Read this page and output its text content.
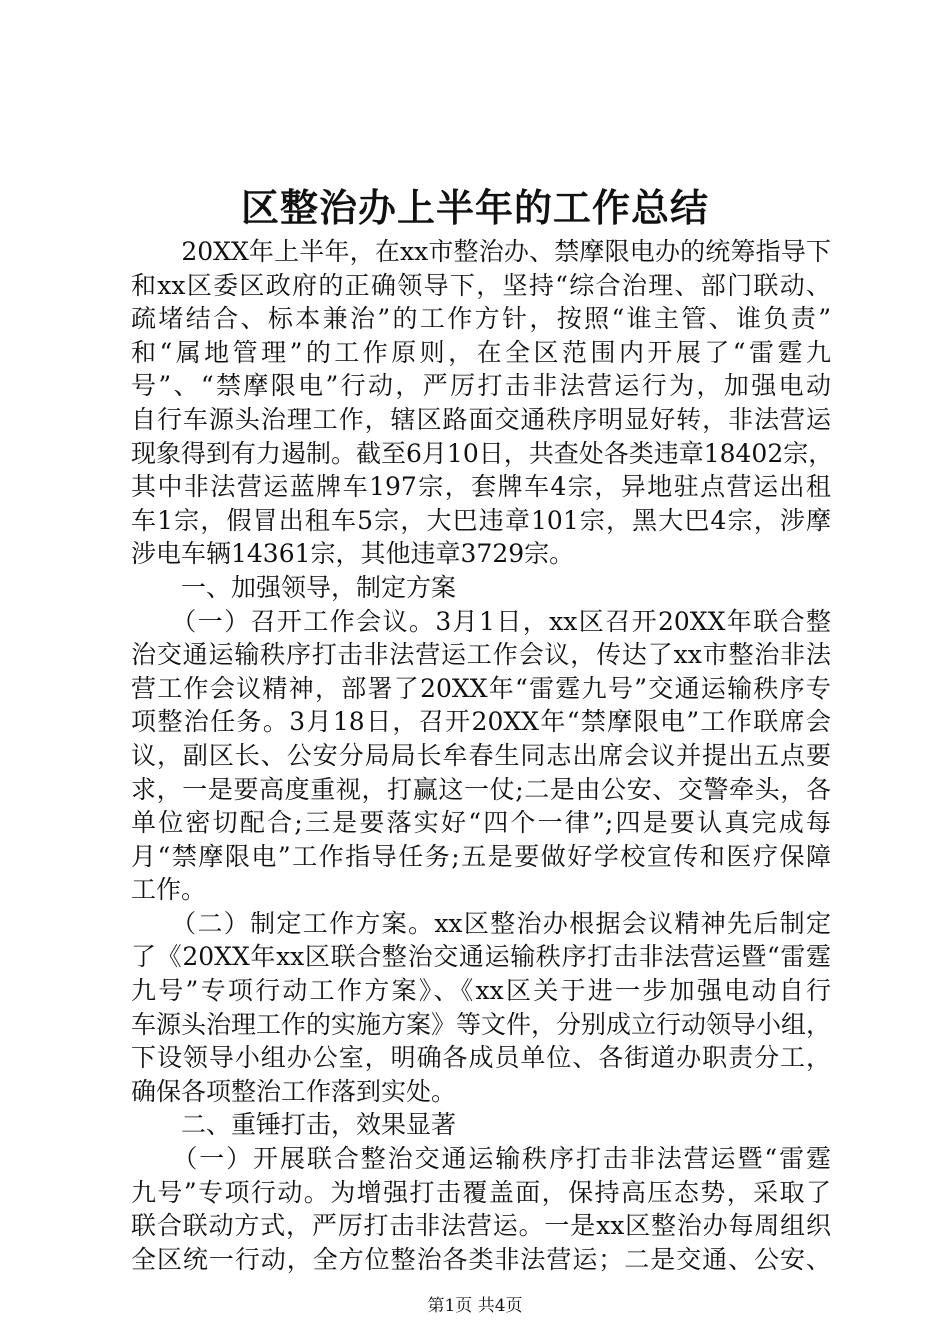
区整治办上半年的工作总结
　　20XX年上半年，在xx市整治办、禁摩限电办的统筹指导下
和xx区委区政府的正确领导下，坚持“综合治理、部门联动、
疏堵结合、标本兼治”的工作方针，按照“谁主管、谁负责”
和“属地管理”的工作原则，在全区范围内开展了“雷霆九
号”、“禁摩限电”行动，严厉打击非法营运行为，加强电动
自行车源头治理工作，辖区路面交通秩序明显好转，非法营运
现象得到有力遏制。截至6月10日，共查处各类违章18402宗，
其中非法营运蓝牌车197宗，套牌车4宗，异地驻点营运出租
车1宗，假冒出租车5宗，大巴违章101宗，黑大巴4宗，涉摩
涉电车辆14361宗，其他违章3729宗。
　　一、加强领导，制定方案
　　（一）召开工作会议。3月1日，xx区召开20XX年联合整
治交通运输秩序打击非法营运工作会议，传达了xx市整治非法
营工作会议精神，部署了20XX年“雷霆九号”交通运输秩序专
项整治任务。3月18日，召开20XX年“禁摩限电”工作联席会
议，副区长、公安分局局长牟春生同志出席会议并提出五点要
求，一是要高度重视，打赢这一仗;二是由公安、交警牵头，各
单位密切配合;三是要落实好“四个一律”;四是要认真完成每
月“禁摩限电”工作指导任务;五是要做好学校宣传和医疗保障
工作。
　　（二）制定工作方案。xx区整治办根据会议精神先后制定
了《20XX年xx区联合整治交通运输秩序打击非法营运暨“雷霆
九号”专项行动工作方案》、《xx区关于进一步加强电动自行
车源头治理工作的实施方案》等文件，分别成立行动领导小组，
下设领导小组办公室，明确各成员单位、各街道办职责分工，
确保各项整治工作落到实处。
　　二、重锤打击，效果显著
　　（一）开展联合整治交通运输秩序打击非法营运暨“雷霆
九号”专项行动。为增强打击覆盖面，保持高压态势，采取了
联合联动方式，严厉打击非法营运。一是xx区整治办每周组织
全区统一行动，全方位整治各类非法营运；二是交通、公安、
第1页 共4页
